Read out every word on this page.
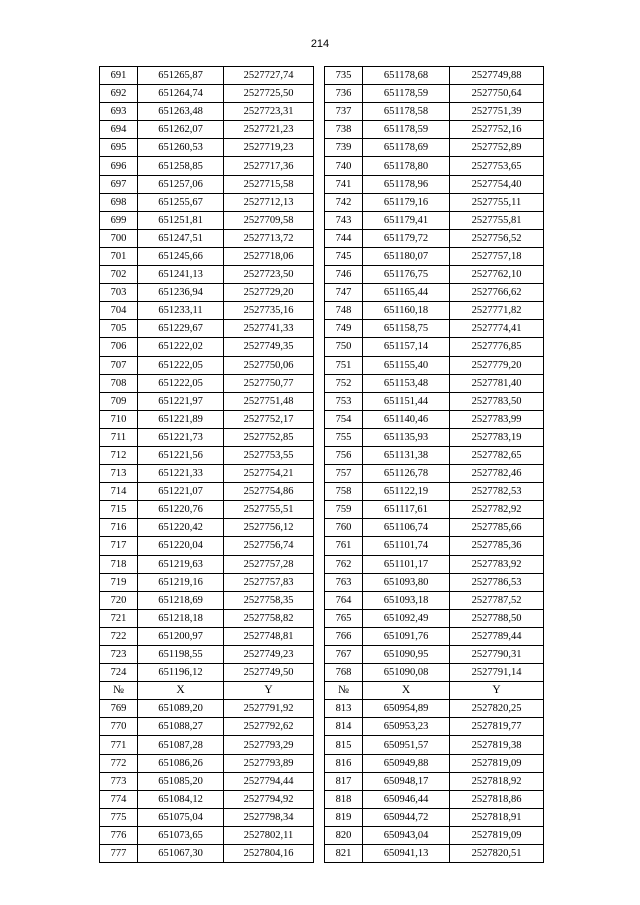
214
691	651265,87	2527727,74		735	651178,68	2527749,88
692	651264,74	2527725,50		736	651178,59	2527750,64
693	651263,48	2527723,31		737	651178,58	2527751,39
694	651262,07	2527721,23		738	651178,59	2527752,16
695	651260,53	2527719,23		739	651178,69	2527752,89
696	651258,85	2527717,36		740	651178,80	2527753,65
697	651257,06	2527715,58		741	651178,96	2527754,40
698	651255,67	2527712,13		742	651179,16	2527755,11
699	651251,81	2527709,58		743	651179,41	2527755,81
700	651247,51	2527713,72		744	651179,72	2527756,52
701	651245,66	2527718,06		745	651180,07	2527757,18
702	651241,13	2527723,50		746	651176,75	2527762,10
703	651236,94	2527729,20		747	651165,44	2527766,62
704	651233,11	2527735,16		748	651160,18	2527771,82
705	651229,67	2527741,33		749	651158,75	2527774,41
706	651222,02	2527749,35		750	651157,14	2527776,85
707	651222,05	2527750,06		751	651155,40	2527779,20
708	651222,05	2527750,77		752	651153,48	2527781,40
709	651221,97	2527751,48		753	651151,44	2527783,50
710	651221,89	2527752,17		754	651140,46	2527783,99
711	651221,73	2527752,85		755	651135,93	2527783,19
712	651221,56	2527753,55		756	651131,38	2527782,65
713	651221,33	2527754,21		757	651126,78	2527782,46
714	651221,07	2527754,86		758	651122,19	2527782,53
715	651220,76	2527755,51		759	651117,61	2527782,92
716	651220,42	2527756,12		760	651106,74	2527785,66
717	651220,04	2527756,74		761	651101,74	2527785,36
718	651219,63	2527757,28		762	651101,17	2527783,92
719	651219,16	2527757,83		763	651093,80	2527786,53
720	651218,69	2527758,35		764	651093,18	2527787,52
721	651218,18	2527758,82		765	651092,49	2527788,50
722	651200,97	2527748,81		766	651091,76	2527789,44
723	651198,55	2527749,23		767	651090,95	2527790,31
724	651196,12	2527749,50		768	651090,08	2527791,14
№	X	Y		№	X	Y
769	651089,20	2527791,92		813	650954,89	2527820,25
770	651088,27	2527792,62		814	650953,23	2527819,77
771	651087,28	2527793,29		815	650951,57	2527819,38
772	651086,26	2527793,89		816	650949,88	2527819,09
773	651085,20	2527794,44		817	650948,17	2527818,92
774	651084,12	2527794,92		818	650946,44	2527818,86
775	651075,04	2527798,34		819	650944,72	2527818,91
776	651073,65	2527802,11		820	650943,04	2527819,09
777	651067,30	2527804,16		821	650941,13	2527820,51
